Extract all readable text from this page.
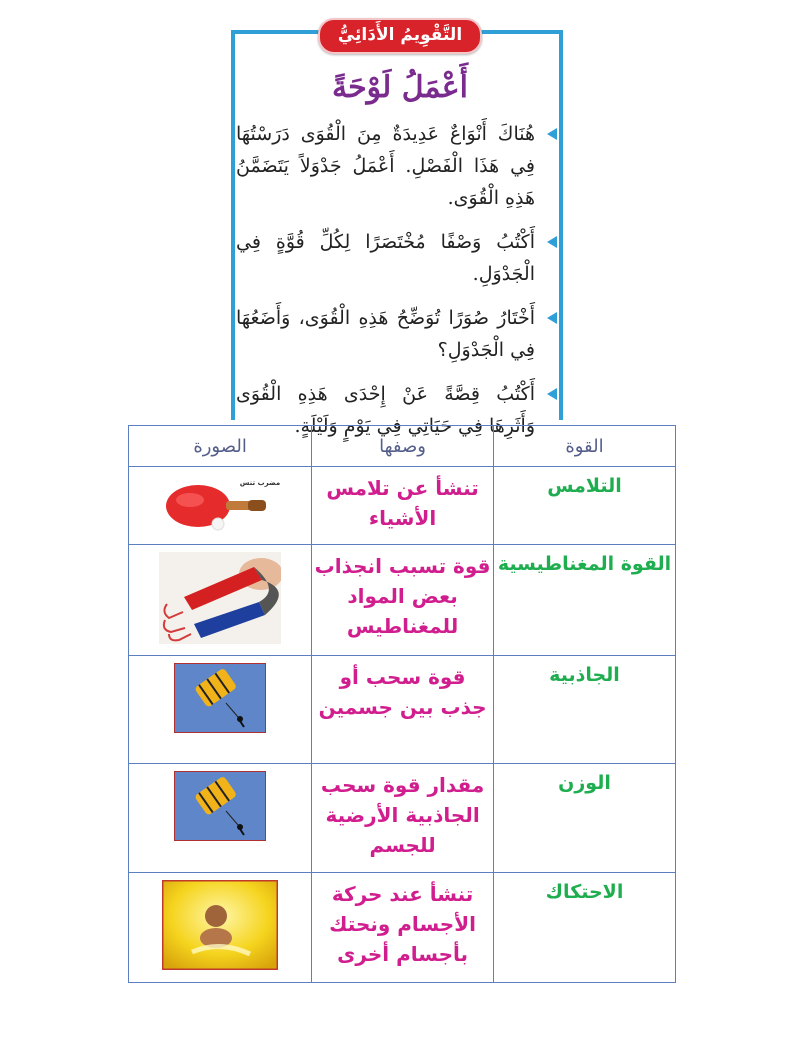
التَّقْوِيمُ الأَدَائِيُّ
أَعْمَلُ لَوْحَةً
هُنَاكَ أَنْوَاعٌ عَدِيدَةٌ مِنَ الْقُوَى دَرَسْتُهَا فِي هَذَا الْفَصْلِ. أَعْمَلُ جَدْوَلاً يَتَضَمَّنُ هَذِهِ الْقُوَى.
أَكْتُبُ وَصْفًا مُخْتَصَرًا لِكُلِّ قُوَّةٍ فِي الْجَدْوَلِ.
أَخْتَارُ صُوَرًا تُوَضِّحُ هَذِهِ الْقُوَى، وَأَضَعُهَا فِي الْجَدْوَلِ؟
أَكْتُبُ قِصَّةً عَنْ إِحْدَى هَذِهِ الْقُوَى وَأَثَرِهَا فِي حَيَاتِي فِي يَوْمٍ وَلَيْلَةٍ.
القوة	وصفها	الصورة
التلامس	تنشأ عن تلامس الأشياء	مضرب تنس

القوة المغناطيسية	قوة تسبب انجذاب بعض المواد للمغناطيس	

الجاذبية	قوة سحب أو جذب بين جسمين	

الوزن	مقدار قوة سحب الجاذبية الأرضية للجسم	

الاحتكاك	تنشأ عند حركة الأجسام ونحتك بأجسام أخرى	
